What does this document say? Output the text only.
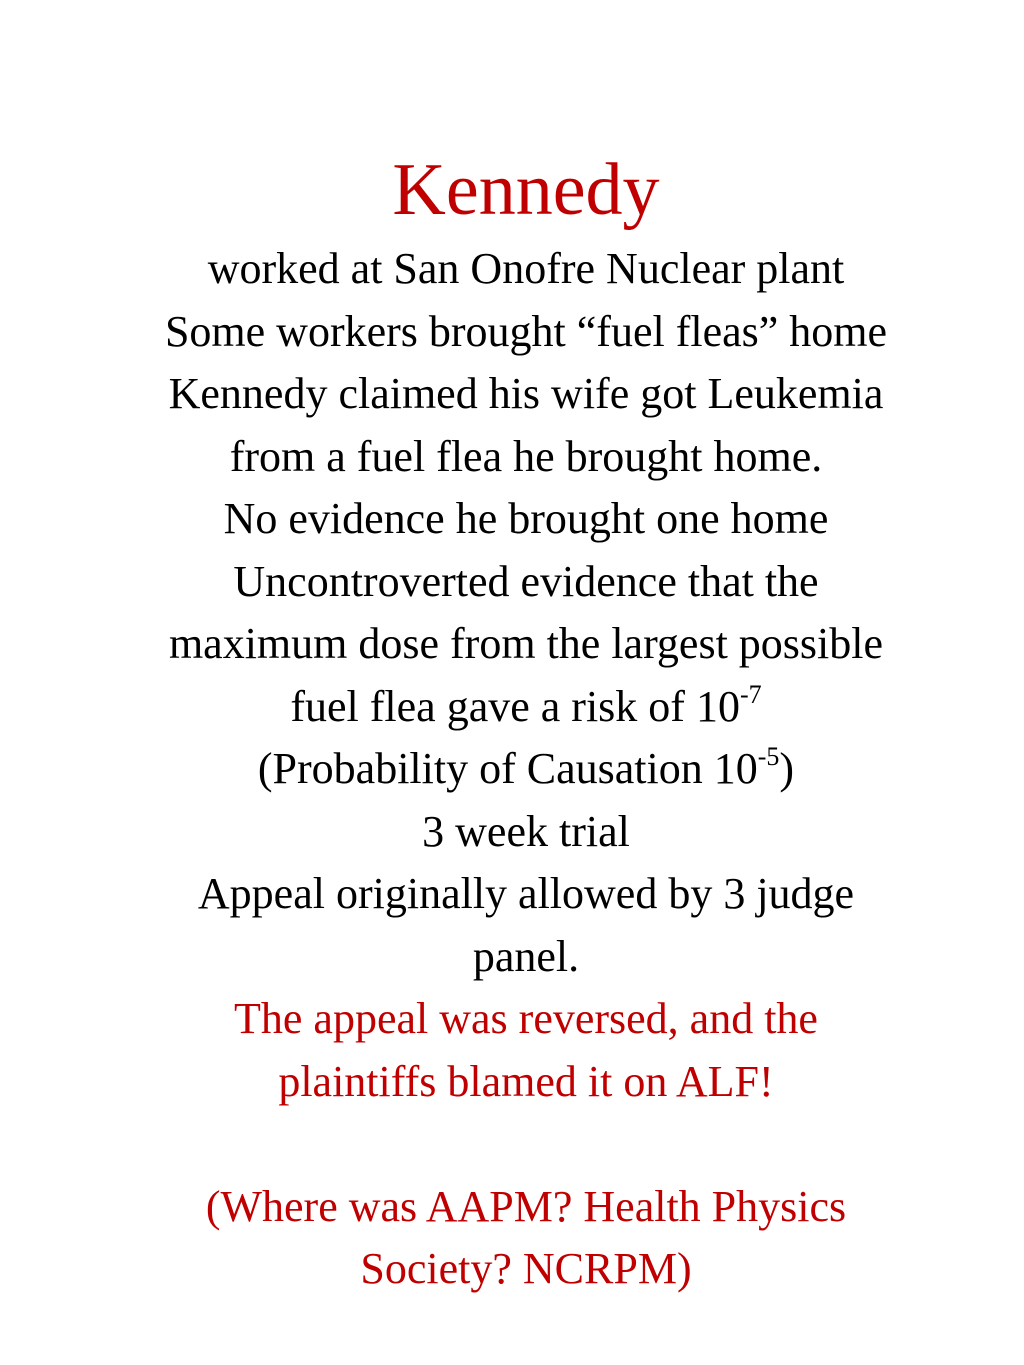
Kennedy
worked at San Onofre Nuclear plant
Some workers brought “fuel fleas” home
Kennedy claimed his wife got Leukemia
from a fuel flea he brought home.
No evidence he brought one home
Uncontroverted evidence that the
maximum dose from the largest possible
fuel flea gave a risk of $10^{-7}$
(Probability of Causation $10^{-5}$)
3 week trial
Appeal originally allowed by 3 judge
panel.
The appeal was reversed, and the
plaintiffs blamed it on ALF!
(Where was AAPM? Health Physics
Society? NCRPM)
